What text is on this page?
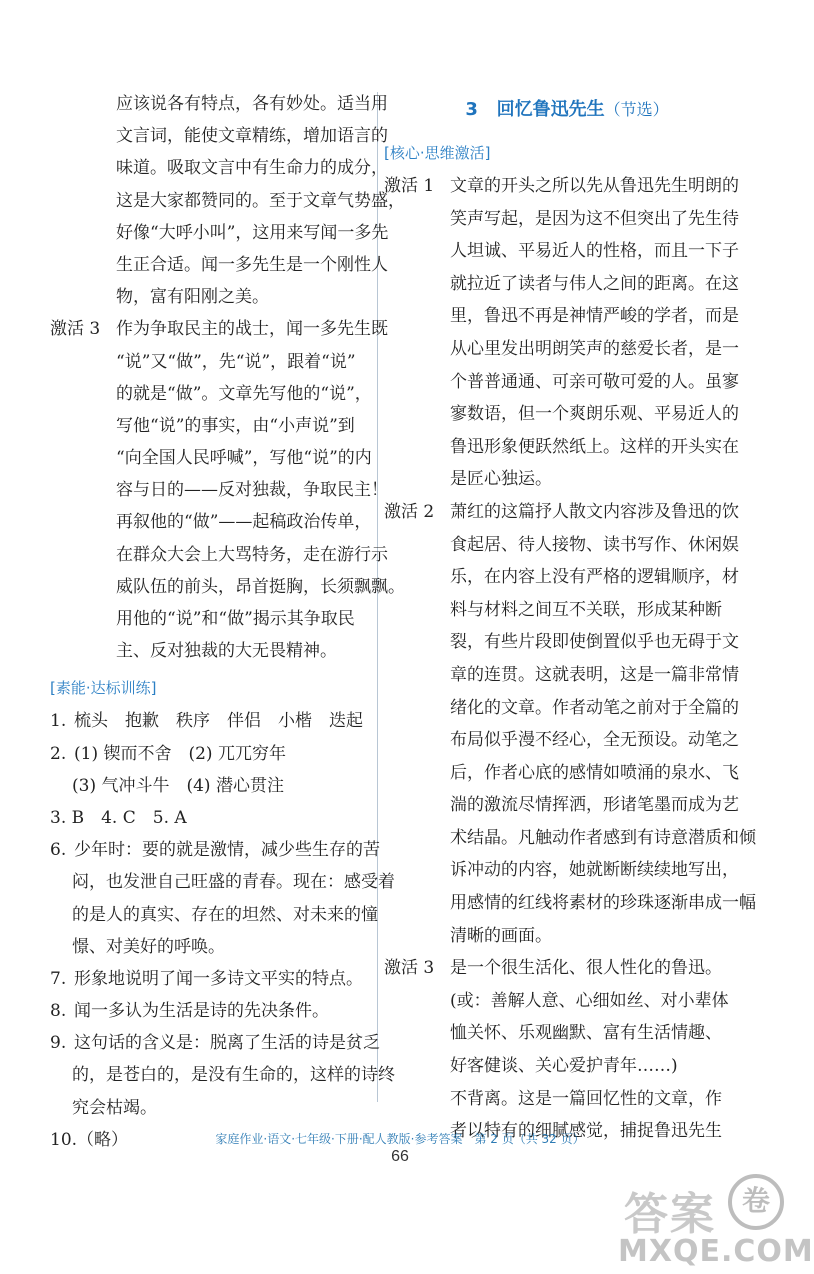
应该说各有特点，各有妙处。适当用
文言词，能使文章精练，增加语言的
味道。吸取文言中有生命力的成分，
这是大家都赞同的。至于文章气势盛，
好像“大呼小叫”，这用来写闻一多先
生正合适。闻一多先生是一个刚性人
物，富有阳刚之美。
激活 3 作为争取民主的战士，闻一多先生既
“说”又“做”，先“说”，跟着“说”
的就是“做”。文章先写他的“说”，
写他“说”的事实，由“小声说”到
“向全国人民呼喊”，写他“说”的内
容与日的——反对独裁，争取民主！
再叙他的“做”——起稿政治传单，
在群众大会上大骂特务，走在游行示
威队伍的前头，昂首挺胸，长须飘飘。
用他的“说”和“做”揭示其争取民
主、反对独裁的大无畏精神。
[素能·达标训练]
1. 梳头　抱歉　秩序　伴侣　小楷　迭起
2. (1) 锲而不舍　(2) 兀兀穷年
(3) 气冲斗牛　(4) 潜心贯注
3. B　4. C　5. A
6. 少年时：要的就是激情，减少些生存的苦
闷，也发泄自己旺盛的青春。现在：感受着
的是人的真实、存在的坦然、对未来的憧
憬、对美好的呼唤。
7. 形象地说明了闻一多诗文平实的特点。
8. 闻一多认为生活是诗的先决条件。
9. 这句话的含义是：脱离了生活的诗是贫乏
的，是苍白的，是没有生命的，这样的诗终
究会枯竭。
10.（略）
3 回忆鲁迅先生（节选）
[核心·思维激活]
激活 1 文章的开头之所以先从鲁迅先生明朗的
笑声写起，是因为这不但突出了先生待
人坦诚、平易近人的性格，而且一下子
就拉近了读者与伟人之间的距离。在这
里，鲁迅不再是神情严峻的学者，而是
从心里发出明朗笑声的慈爱长者，是一
个普普通通、可亲可敬可爱的人。虽寥
寥数语，但一个爽朗乐观、平易近人的
鲁迅形象便跃然纸上。这样的开头实在
是匠心独运。
激活 2 萧红的这篇抒人散文内容涉及鲁迅的饮
食起居、待人接物、读书写作、休闲娱
乐，在内容上没有严格的逻辑顺序，材
料与材料之间互不关联，形成某种断
裂，有些片段即使倒置似乎也无碍于文
章的连贯。这就表明，这是一篇非常情
绪化的文章。作者动笔之前对于全篇的
布局似乎漫不经心，全无预设。动笔之
后，作者心底的感情如喷涌的泉水、飞
湍的激流尽情挥洒，形诸笔墨而成为艺
术结晶。凡触动作者感到有诗意潜质和倾
诉冲动的内容，她就断断续续地写出，
用感情的红线将素材的珍珠逐渐串成一幅
清晰的画面。
激活 3 是一个很生活化、很人性化的鲁迅。
(或：善解人意、心细如丝、对小辈体
恤关怀、乐观幽默、富有生活情趣、
好客健谈、关心爱护青年……)
不背离。这是一篇回忆性的文章，作
者以特有的细腻感觉，捕捉鲁迅先生
家庭作业·语文·七年级·下册·配人教版·参考答案　第 2 页（共 32 页）
66
答案 卷
MXQE.COM
